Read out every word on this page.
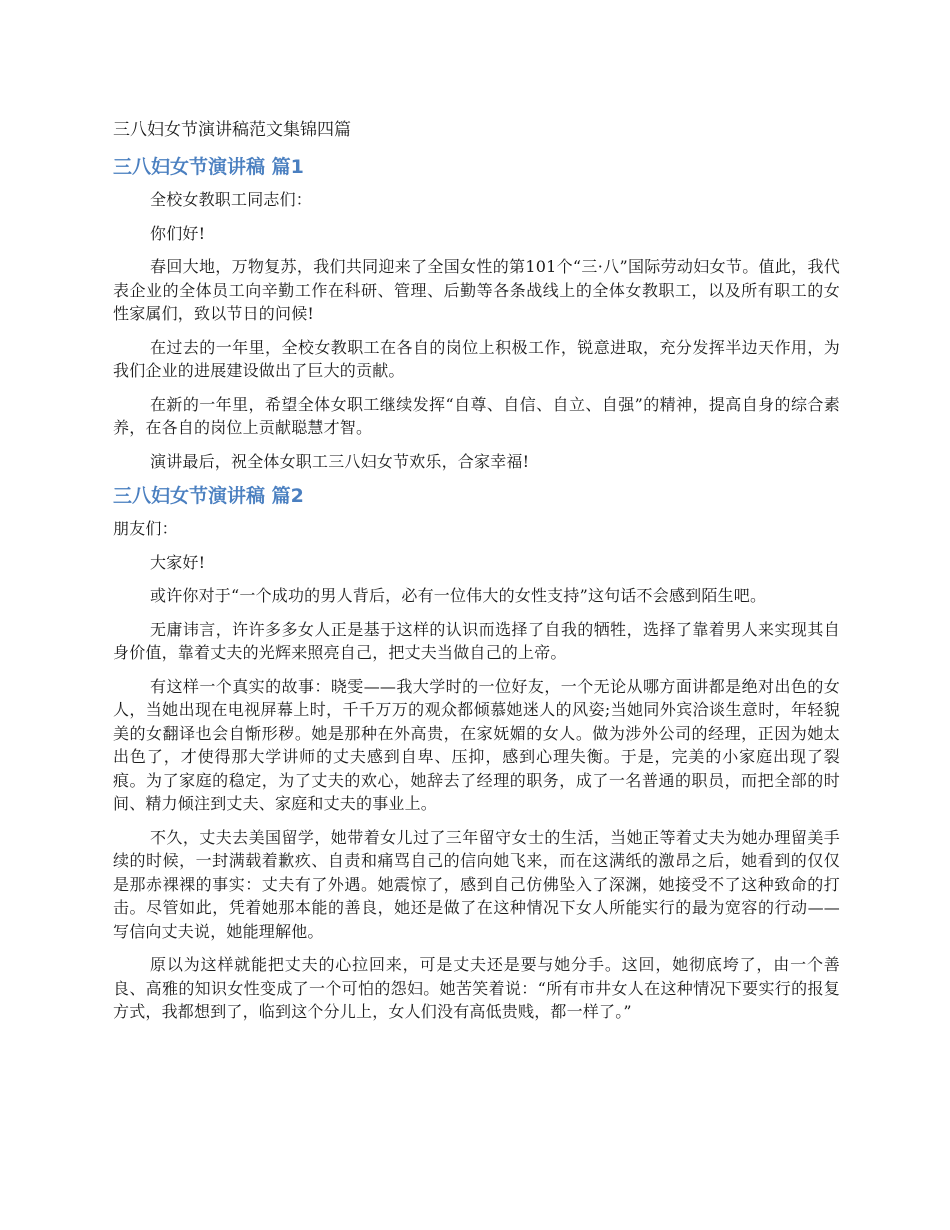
三八妇女节演讲稿范文集锦四篇
三八妇女节演讲稿 篇1

全校女教职工同志们：

你们好!

春回大地，万物复苏，我们共同迎来了全国女性的第101个“三·八”国际劳动妇女节。值此，我代表企业的全体员工向辛勤工作在科研、管理、后勤等各条战线上的全体女教职工，以及所有职工的女性家属们，致以节日的问候!

在过去的一年里，全校女教职工在各自的岗位上积极工作，锐意进取，充分发挥半边天作用，为我们企业的进展建设做出了巨大的贡献。

在新的一年里，希望全体女职工继续发挥“自尊、自信、自立、自强”的精神，提高自身的综合素养，在各自的岗位上贡献聪慧才智。

演讲最后，祝全体女职工三八妇女节欢乐，合家幸福!

三八妇女节演讲稿 篇2

朋友们：

大家好!

或许你对于“一个成功的男人背后，必有一位伟大的女性支持”这句话不会感到陌生吧。

无庸讳言，许许多多女人正是基于这样的认识而选择了自我的牺牲，选择了靠着男人来实现其自身价值，靠着丈夫的光辉来照亮自己，把丈夫当做自己的上帝。

有这样一个真实的故事：晓雯——我大学时的一位好友，一个无论从哪方面讲都是绝对出色的女人，当她出现在电视屏幕上时，千千万万的观众都倾慕她迷人的风姿;当她同外宾洽谈生意时，年轻貌美的女翻译也会自惭形秽。她是那种在外高贵，在家妩媚的女人。做为涉外公司的经理，正因为她太出色了，才使得那大学讲师的丈夫感到自卑、压抑，感到心理失衡。于是，完美的小家庭出现了裂痕。为了家庭的稳定，为了丈夫的欢心，她辞去了经理的职务，成了一名普通的职员，而把全部的时间、精力倾注到丈夫、家庭和丈夫的事业上。

不久，丈夫去美国留学，她带着女儿过了三年留守女士的生活，当她正等着丈夫为她办理留美手续的时候，一封满载着歉疚、自责和痛骂自己的信向她飞来，而在这满纸的激昂之后，她看到的仅仅是那赤裸裸的事实：丈夫有了外遇。她震惊了，感到自己仿佛坠入了深渊，她接受不了这种致命的打击。尽管如此，凭着她那本能的善良，她还是做了在这种情况下女人所能实行的最为宽容的行动——写信向丈夫说，她能理解他。

原以为这样就能把丈夫的心拉回来，可是丈夫还是要与她分手。这回，她彻底垮了，由一个善良、高雅的知识女性变成了一个可怕的怨妇。她苦笑着说：“所有市井女人在这种情况下要实行的报复方式，我都想到了，临到这个分儿上，女人们没有高低贵贱，都一样了。”
